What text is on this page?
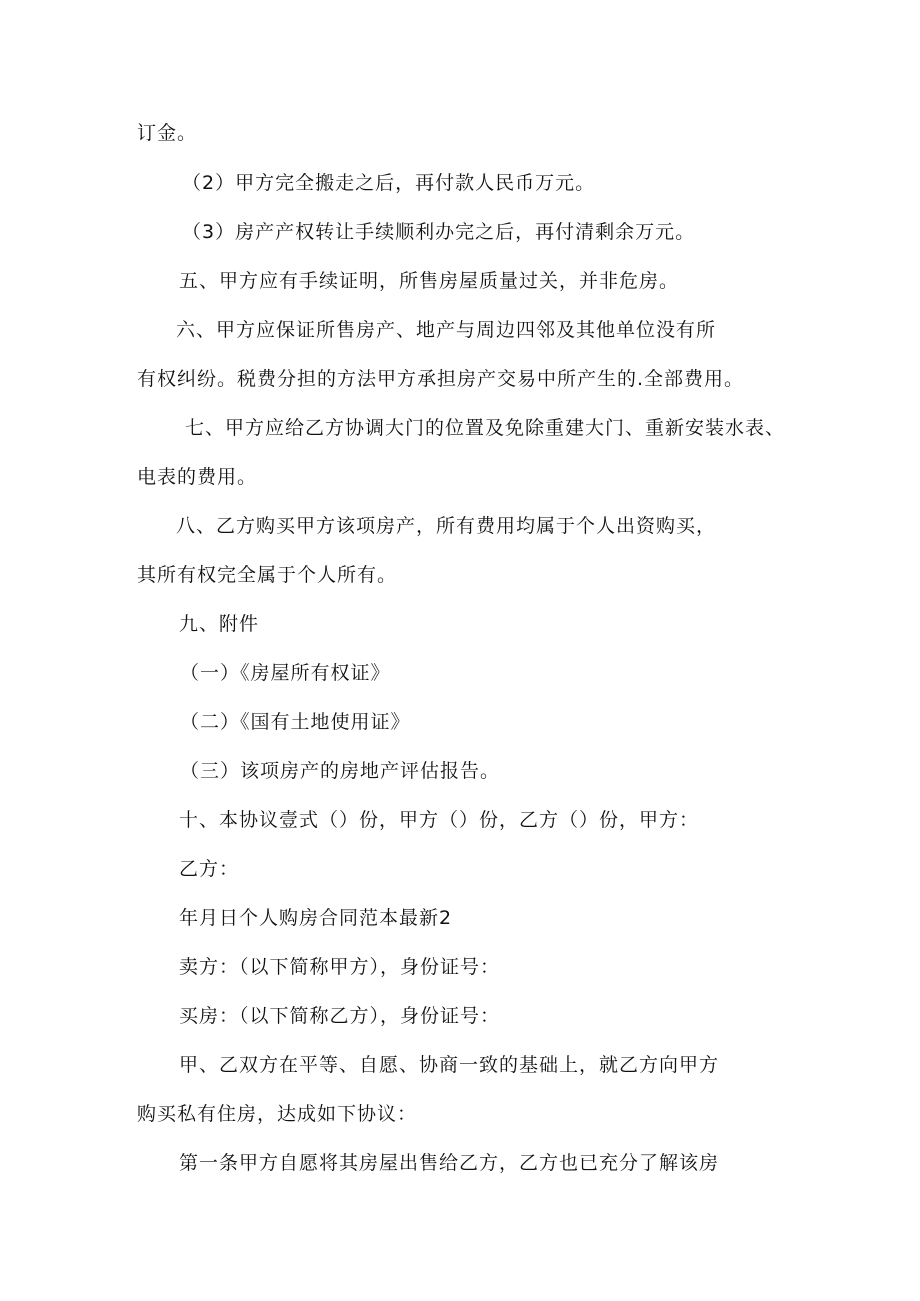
订金。

（2）甲方完全搬走之后，再付款人民币万元。

（3）房产产权转让手续顺利办完之后，再付清剩余万元。

五、甲方应有手续证明，所售房屋质量过关，并非危房。

六、甲方应保证所售房产、地产与周边四邻及其他单位没有所

有权纠纷。税费分担的方法甲方承担房产交易中所产生的.全部费用。

七、甲方应给乙方协调大门的位置及免除重建大门、重新安装水表、

电表的费用。

八、乙方购买甲方该项房产，所有费用均属于个人出资购买，

其所有权完全属于个人所有。

九、附件

（一）《房屋所有权证》

（二）《国有土地使用证》

（三）该项房产的房地产评估报告。

十、本协议壹式（）份，甲方（）份，乙方（）份，甲方：

乙方：

年月日个人购房合同范本最新2

卖方：（以下简称甲方），身份证号：

买房：（以下简称乙方），身份证号：

甲、乙双方在平等、自愿、协商一致的基础上，就乙方向甲方

购买私有住房，达成如下协议：

第一条甲方自愿将其房屋出售给乙方，乙方也已充分了解该房
